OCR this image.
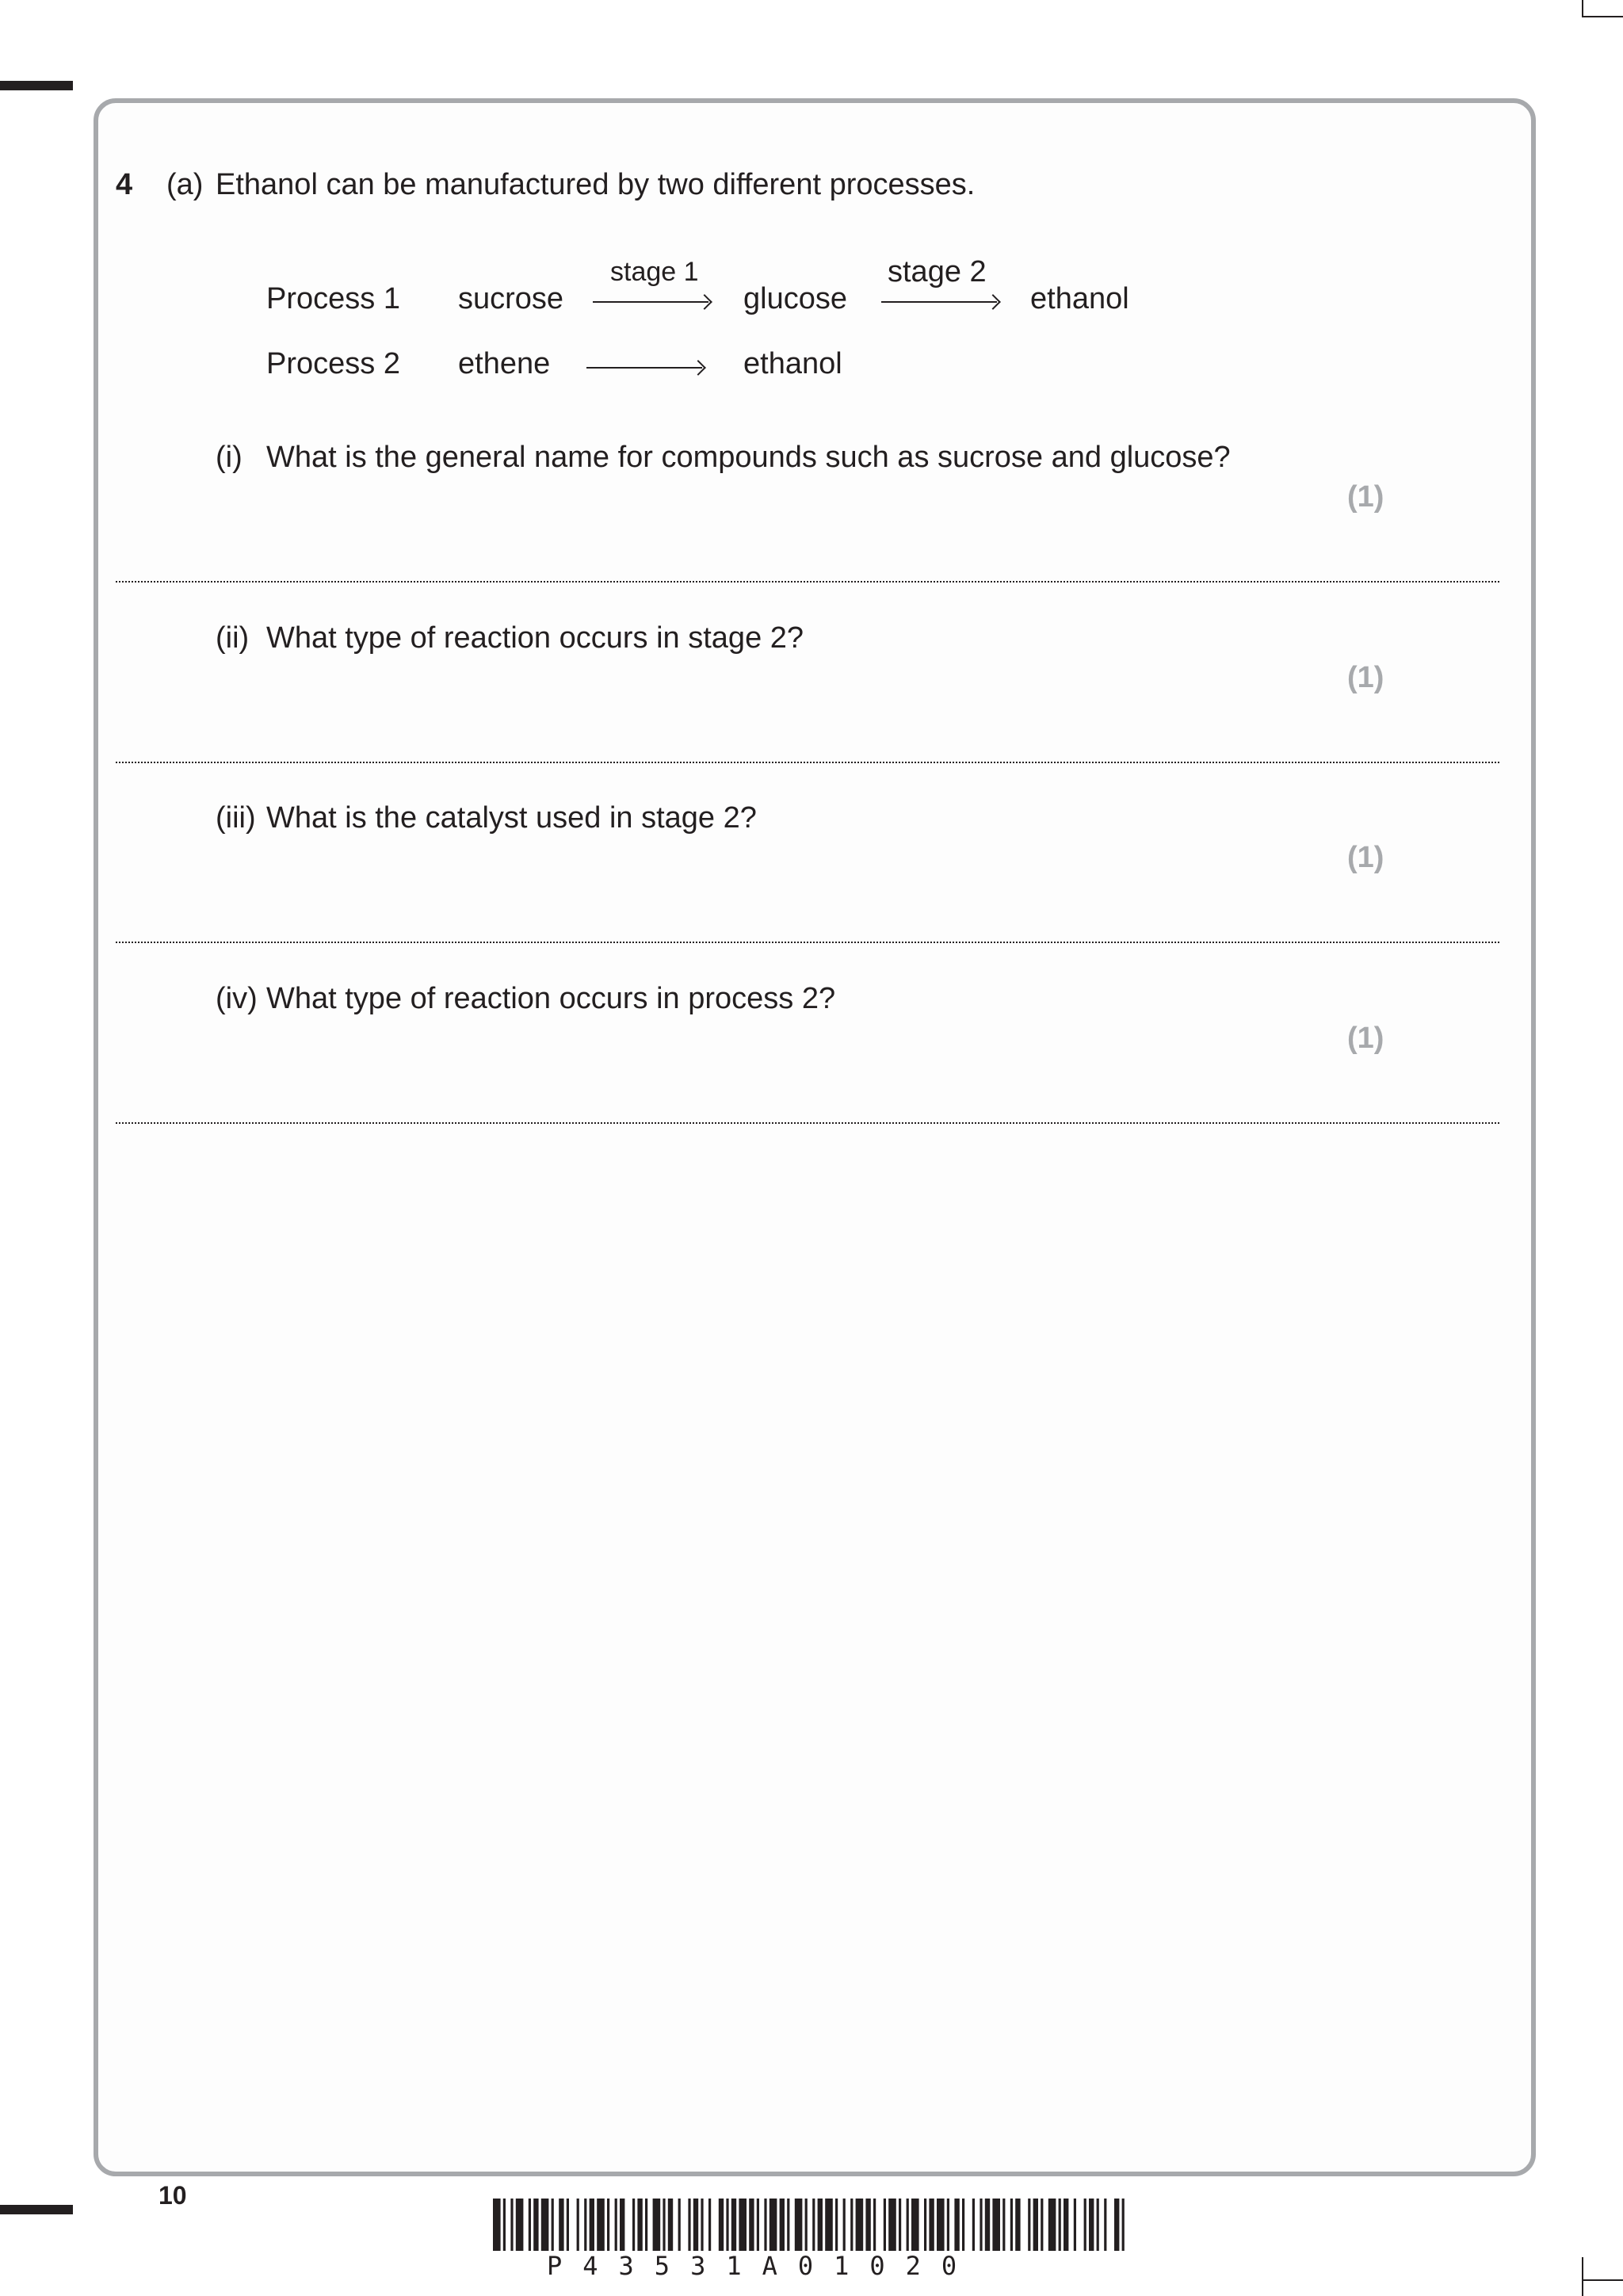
4 (a) Ethanol can be manufactured by two different processes.
Process 1 sucrose
stage 1
glucose
stage 2
ethanol
Process 2 ethene	ethanol
(i) What is the general name for compounds such as sucrose and glucose?
(1)
(ii) What type of reaction occurs in stage 2?
(1)
(iii) What is the catalyst used in stage 2?
(1)
(iv) What type of reaction occurs in process 2?
(1)
10
P43531A01020
